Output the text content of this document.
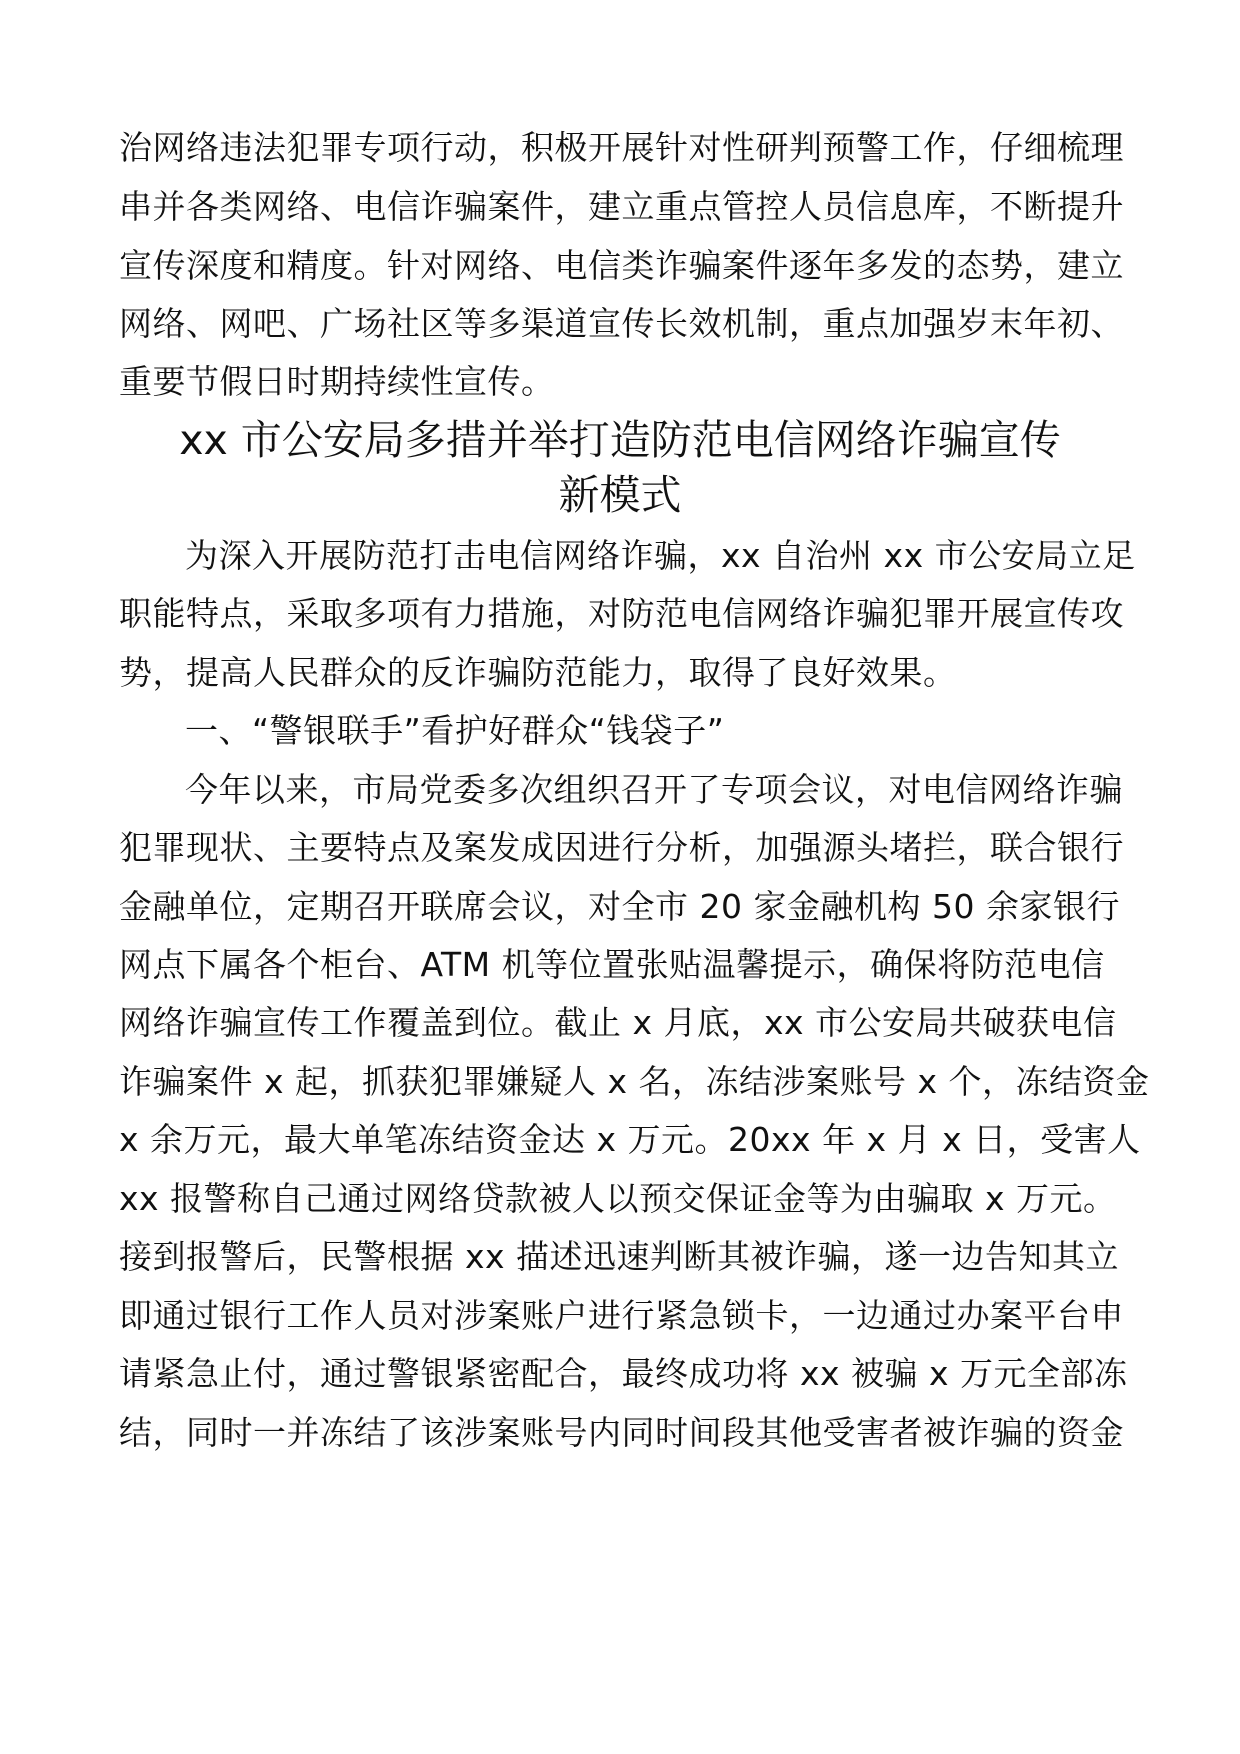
治网络违法犯罪专项行动，积极开展针对性研判预警工作，仔细梳理
串并各类网络、电信诈骗案件，建立重点管控人员信息库，不断提升
宣传深度和精度。针对网络、电信类诈骗案件逐年多发的态势，建立
网络、网吧、广场社区等多渠道宣传长效机制，重点加强岁末年初、
重要节假日时期持续性宣传。
xx 市公安局多措并举打造防范电信网络诈骗宣传
新模式
为深入开展防范打击电信网络诈骗，xx 自治州 xx 市公安局立足
职能特点，采取多项有力措施，对防范电信网络诈骗犯罪开展宣传攻
势，提高人民群众的反诈骗防范能力，取得了良好效果。
一、“警银联手”看护好群众“钱袋子”
今年以来，市局党委多次组织召开了专项会议，对电信网络诈骗
犯罪现状、主要特点及案发成因进行分析，加强源头堵拦，联合银行
金融单位，定期召开联席会议，对全市 20 家金融机构 50 余家银行
网点下属各个柜台、ATM 机等位置张贴温馨提示，确保将防范电信
网络诈骗宣传工作覆盖到位。截止 x 月底，xx 市公安局共破获电信
诈骗案件 x 起，抓获犯罪嫌疑人 x 名，冻结涉案账号 x 个，冻结资金
x 余万元，最大单笔冻结资金达 x 万元。20xx 年 x 月 x 日，受害人
xx 报警称自己通过网络贷款被人以预交保证金等为由骗取 x 万元。
接到报警后，民警根据 xx 描述迅速判断其被诈骗，遂一边告知其立
即通过银行工作人员对涉案账户进行紧急锁卡，一边通过办案平台申
请紧急止付，通过警银紧密配合，最终成功将 xx 被骗 x 万元全部冻
结，同时一并冻结了该涉案账号内同时间段其他受害者被诈骗的资金
